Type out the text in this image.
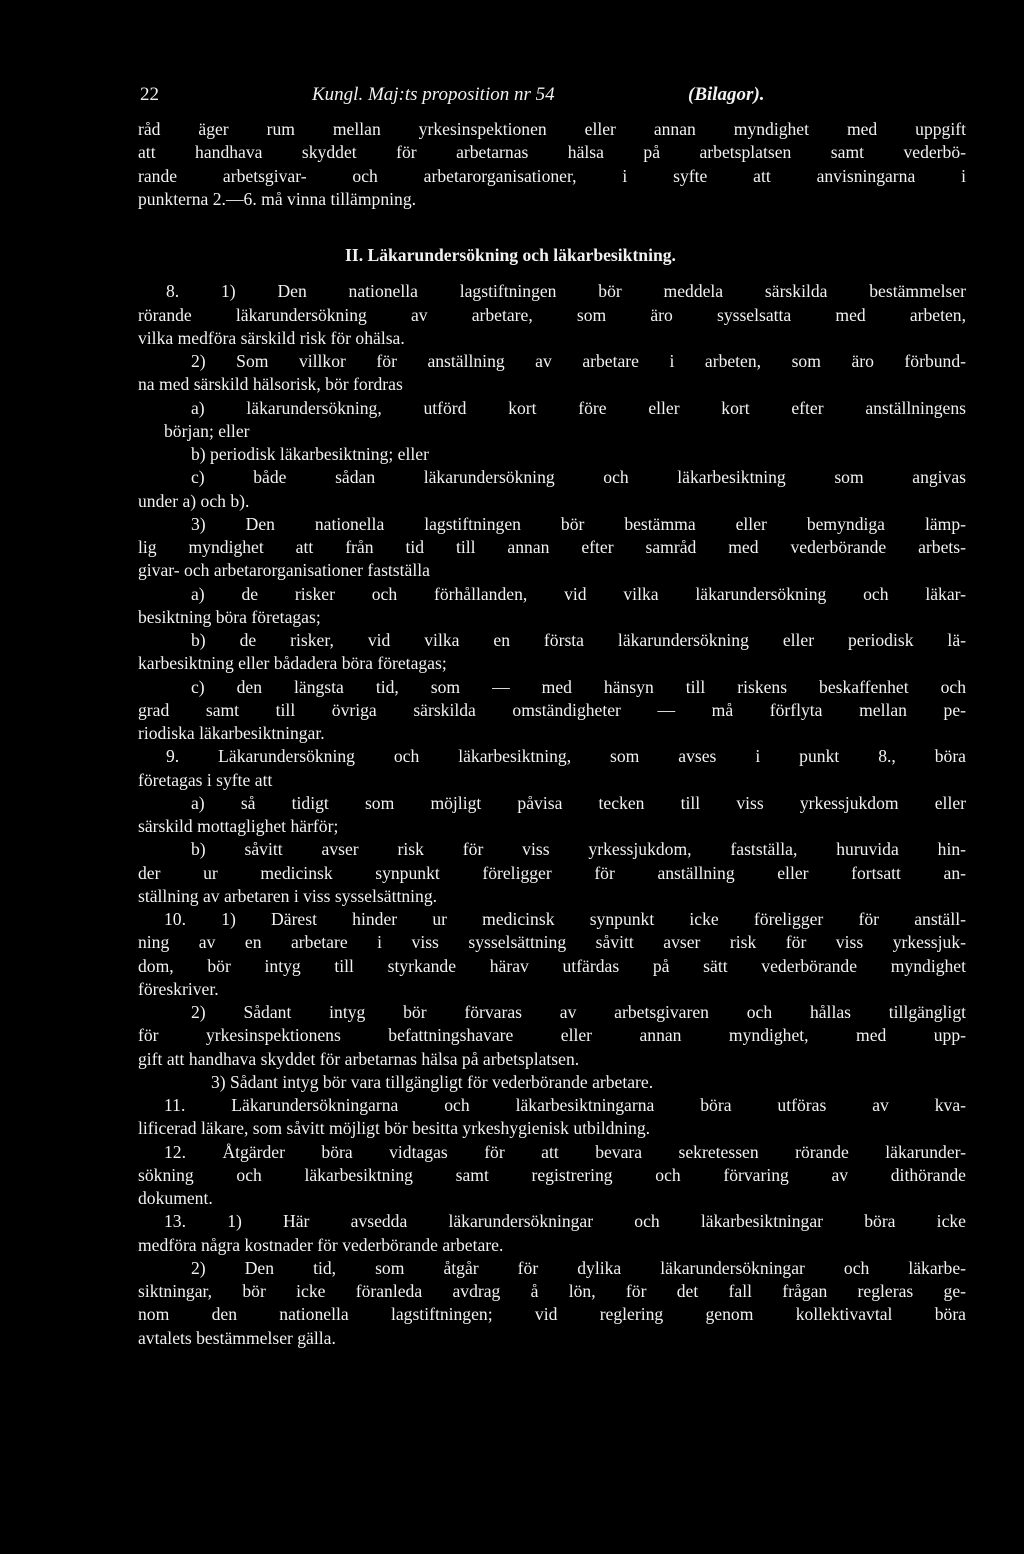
22	Kungl. Maj:ts proposition nr 54	(Bilagor).
råd äger rum mellan yrkesinspektionen eller annan myndighet med uppgift
att handhava skyddet för arbetarnas hälsa på arbetsplatsen samt vederbö-
rande arbetsgivar- och arbetarorganisationer, i syfte att anvisningarna i
punkterna 2.—6. må vinna tillämpning.
II. Läkarundersökning och läkarbesiktning.
8. 1) Den nationella lagstiftningen bör meddela särskilda bestämmelser
rörande läkarundersökning av arbetare, som äro sysselsatta med arbeten,
vilka medföra särskild risk för ohälsa.
2) Som villkor för anställning av arbetare i arbeten, som äro förbund-
na med särskild hälsorisk, bör fordras
a) läkarundersökning, utförd kort före eller kort efter anställningens
början; eller
b) periodisk läkarbesiktning; eller
c) både sådan läkarundersökning och läkarbesiktning som angivas
under a) och b).
3) Den nationella lagstiftningen bör bestämma eller bemyndiga lämp-
lig myndighet att från tid till annan efter samråd med vederbörande arbets-
givar- och arbetarorganisationer fastställa
a) de risker och förhållanden, vid vilka läkarundersökning och läkar-
besiktning böra företagas;
b) de risker, vid vilka en första läkarundersökning eller periodisk lä-
karbesiktning eller bådadera böra företagas;
c) den längsta tid, som — med hänsyn till riskens beskaffenhet och
grad samt till övriga särskilda omständigheter — må förflyta mellan pe-
riodiska läkarbesiktningar.
9. Läkarundersökning och läkarbesiktning, som avses i punkt 8., böra
företagas i syfte att
a) så tidigt som möjligt påvisa tecken till viss yrkessjukdom eller
särskild mottaglighet härför;
b) såvitt avser risk för viss yrkessjukdom, fastställa, huruvida hin-
der ur medicinsk synpunkt föreligger för anställning eller fortsatt an-
ställning av arbetaren i viss sysselsättning.
10. 1) Därest hinder ur medicinsk synpunkt icke föreligger för anställ-
ning av en arbetare i viss sysselsättning såvitt avser risk för viss yrkessjuk-
dom, bör intyg till styrkande härav utfärdas på sätt vederbörande myndighet
föreskriver.
2) Sådant intyg bör förvaras av arbetsgivaren och hållas tillgängligt
för yrkesinspektionens befattningshavare eller annan myndighet, med upp-
gift att handhava skyddet för arbetarnas hälsa på arbetsplatsen.
3) Sådant intyg bör vara tillgängligt för vederbörande arbetare.
11. Läkarundersökningarna och läkarbesiktningarna böra utföras av kva-
lificerad läkare, som såvitt möjligt bör besitta yrkeshygienisk utbildning.
12. Åtgärder böra vidtagas för att bevara sekretessen rörande läkarunder-
sökning och läkarbesiktning samt registrering och förvaring av dithörande
dokument.
13. 1) Här avsedda läkarundersökningar och läkarbesiktningar böra icke
medföra några kostnader för vederbörande arbetare.
2) Den tid, som åtgår för dylika läkarundersökningar och läkarbe-
siktningar, bör icke föranleda avdrag å lön, för det fall frågan regleras ge-
nom den nationella lagstiftningen; vid reglering genom kollektivavtal böra
avtalets bestämmelser gälla.
